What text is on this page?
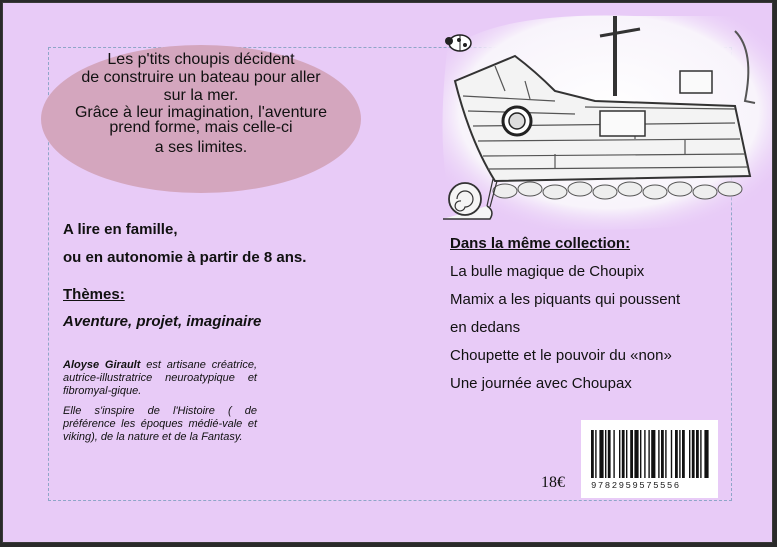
Les p'tits choupis décident
de construire un bateau pour aller
sur la mer.
Grâce à leur imagination, l'aventure
prend forme, mais celle-ci
a ses limites.
A lire en famille,
ou en autonomie à partir de 8 ans.
Thèmes:
Aventure, projet, imaginaire

Aloyse Girault est artisane créatrice, autrice-illustratrice neuroatypique et fibromyal-gique.

Elle s'inspire de l'Histoire ( de préférence les époques médié-vale et viking), de la nature et de la Fantasy.

Dans la même collection:
La bulle magique de Choupix
Mamix a les piquants qui poussent
en dedans
Choupette et le pouvoir du «non»
Une journée avec Choupax
9782959575556
18€
